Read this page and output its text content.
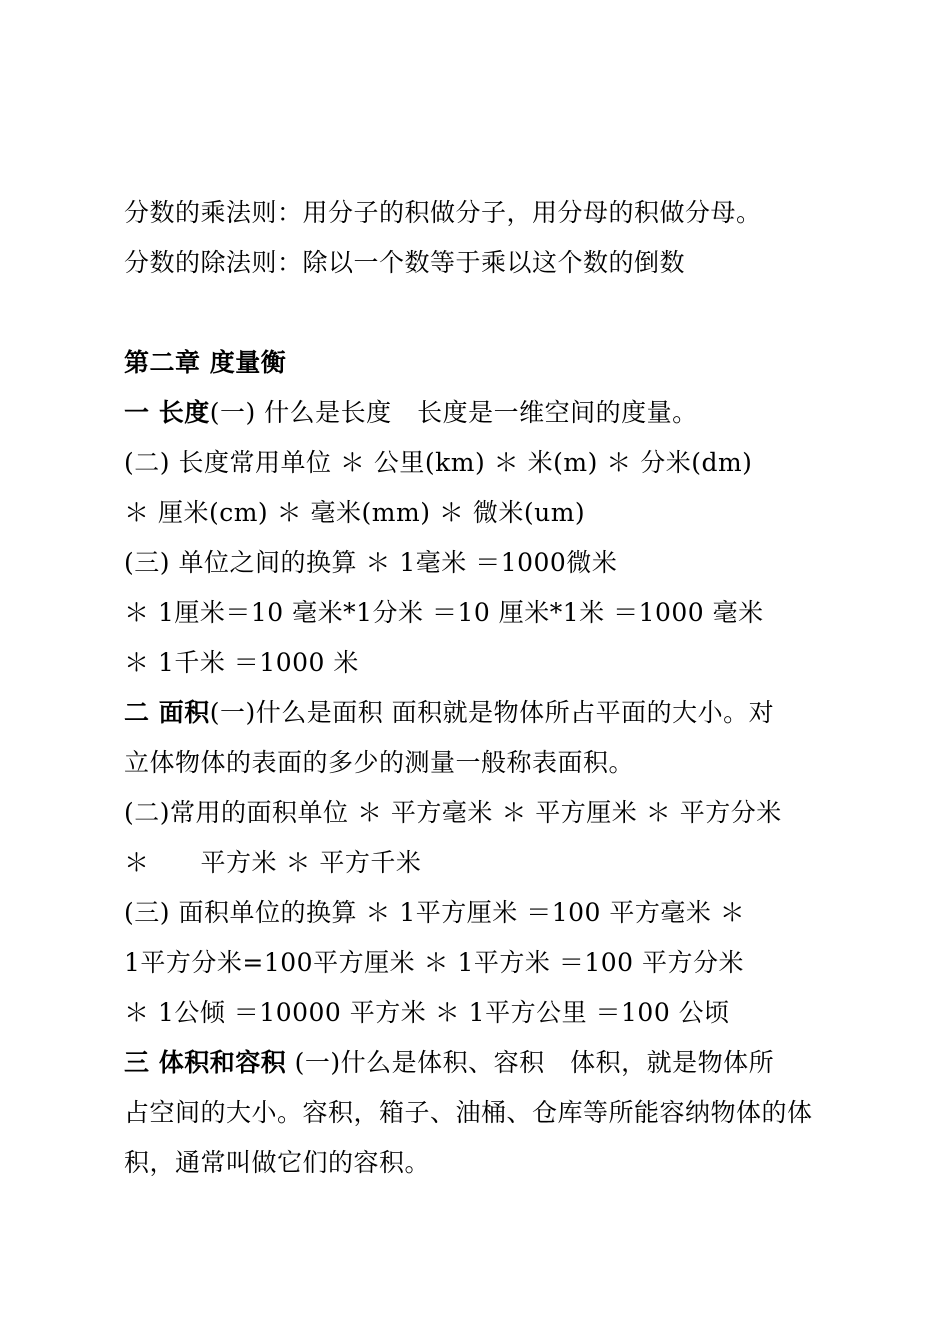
分数的乘法则：用分子的积做分子，用分母的积做分母。
分数的除法则：除以一个数等于乘以这个数的倒数
第二章 度量衡
一 长度(一) 什么是长度　长度是一维空间的度量。
(二) 长度常用单位 ＊ 公里(km) ＊ 米(m) ＊ 分米(dm)
＊ 厘米(cm) ＊ 毫米(mm) ＊ 微米(um)
(三) 单位之间的换算 ＊ 1毫米 ＝1000微米
＊ 1厘米＝10 毫米*1分米 ＝10 厘米*1米 ＝1000 毫米
＊ 1千米 ＝1000 米
二 面积(一)什么是面积 面积就是物体所占平面的大小。对
立体物体的表面的多少的测量一般称表面积。
(二)常用的面积单位 ＊ 平方毫米 ＊ 平方厘米 ＊ 平方分米
＊　　平方米 ＊ 平方千米
(三) 面积单位的换算 ＊ 1平方厘米 ＝100 平方毫米 ＊
1平方分米=100平方厘米 ＊ 1平方米 ＝100 平方分米
＊ 1公倾 ＝10000 平方米 ＊ 1平方公里 ＝100 公顷
三 体积和容积 (一)什么是体积、容积　体积，就是物体所
占空间的大小。容积，箱子、油桶、仓库等所能容纳物体的体
积，通常叫做它们的容积。
